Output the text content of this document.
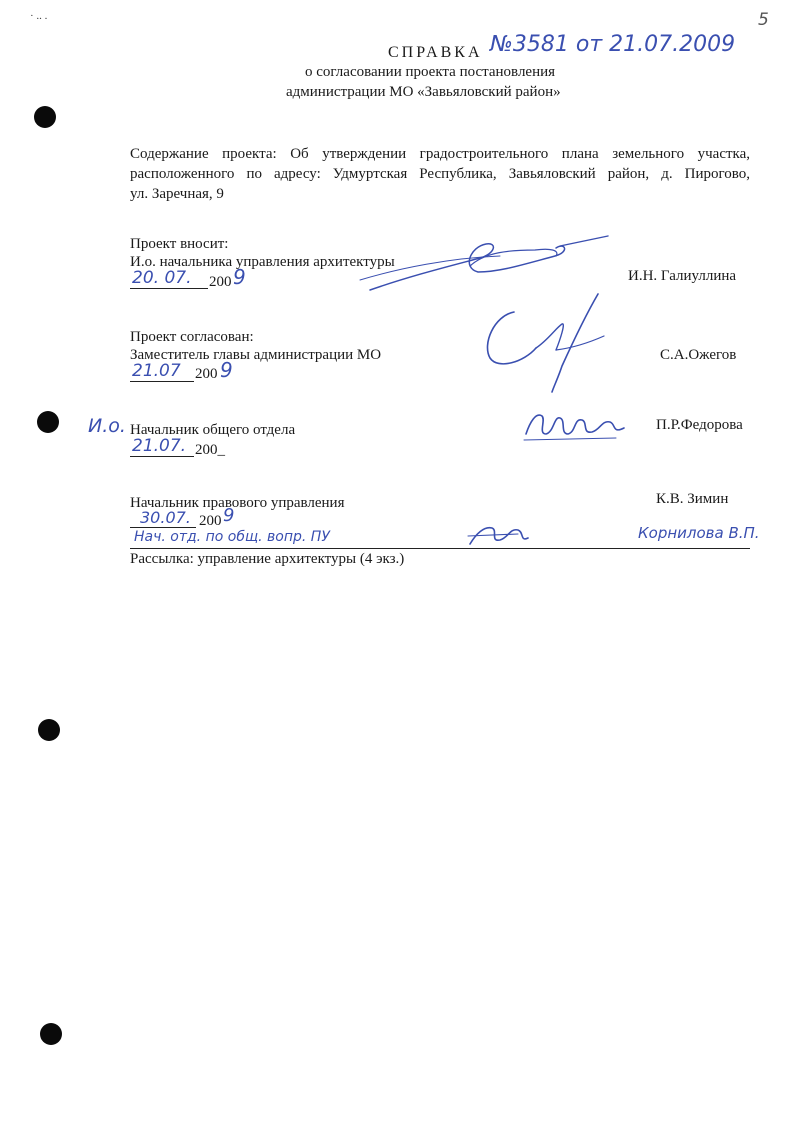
· .. .	5
СПРАВКА №3581 от 21.07.2009
о согласовании проекта постановления
администрации МО «Завьяловский район»
Содержание проекта: Об утверждении градостроительного плана земельного участка,
расположенного по адресу: Удмуртская Республика, Завьяловский район, д. Пирогово,
ул. Заречная, 9
Проект вносит:
И.о. начальника управления архитектуры
20. 07. 200 9	И.Н. Галиуллина
Проект согласован:
Заместитель главы администрации МО
21.07 200 9
С.А.Ожегов
И.о. Начальник общего отдела
21.07. 200_
П.Р.Федорова
Начальник правового управления	К.В. Зимин
30.07. 200 9
Нач. отд. по общ. вопр. ПУ	Корнилова В.П.
Рассылка: управление архитектуры (4 экз.)
